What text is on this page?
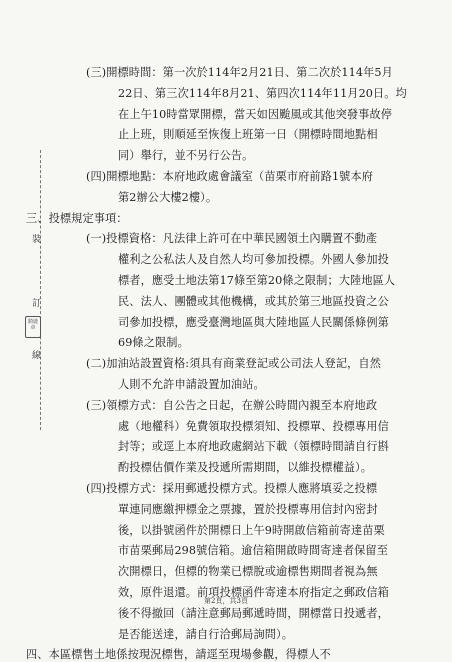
裝
訂
線
騎縫章
(三)開標時間：第一次於114年2月21日、第二次於114年5月
22日、第三次114年8月21、第四次114年11月20日。均
在上午10時當眾開標，當天如因颱風或其他突發事故停
止上班，則順延至恢復上班第一日（開標時間地點相
同）舉行，並不另行公告。
(四)開標地點：本府地政處會議室（苗栗市府前路1號本府
第2辦公大樓2樓）。
三、投標規定事項：
(一)投標資格：凡法律上許可在中華民國領土內購置不動產
權利之公私法人及自然人均可參加投標。外國人參加投
標者，應受土地法第17條至第20條之限制；大陸地區人
民、法人、團體或其他機構，或其於第三地區投資之公
司參加投標，應受臺灣地區與大陸地區人民關係條例第
69條之限制。
(二)加油站設置資格:須具有商業登記或公司法人登記，自然
人則不允許申請設置加油站。
(三)領標方式：自公告之日起，在辦公時間內親至本府地政
處（地權科）免費領取投標須知、投標單、投標專用信
封等；或逕上本府地政處網站下載（領標時間請自行斟
酌投標估價作業及投遞所需期間，以維投標權益）。
(四)投標方式：採用郵遞投標方式。投標人應將填妥之投標
單連同應繳押標金之票據，置於投標專用信封內密封
後，以掛號函件於開標日上午9時開啟信箱前寄達苗栗
市苗栗郵局298號信箱。逾信箱開啟時間寄達者保留至
次開標日，但標的物業已標脫或逾標售期間者視為無
效，原件退還。前項投標函件寄達本府指定之郵政信箱
後不得撤回（請注意郵局郵遞時間，開標當日投遞者，
是否能送達，請自行洽郵局詢問）。
四、本區標售土地係按現況標售，請逕至現場參觀，得標人不
第2頁，共3頁
